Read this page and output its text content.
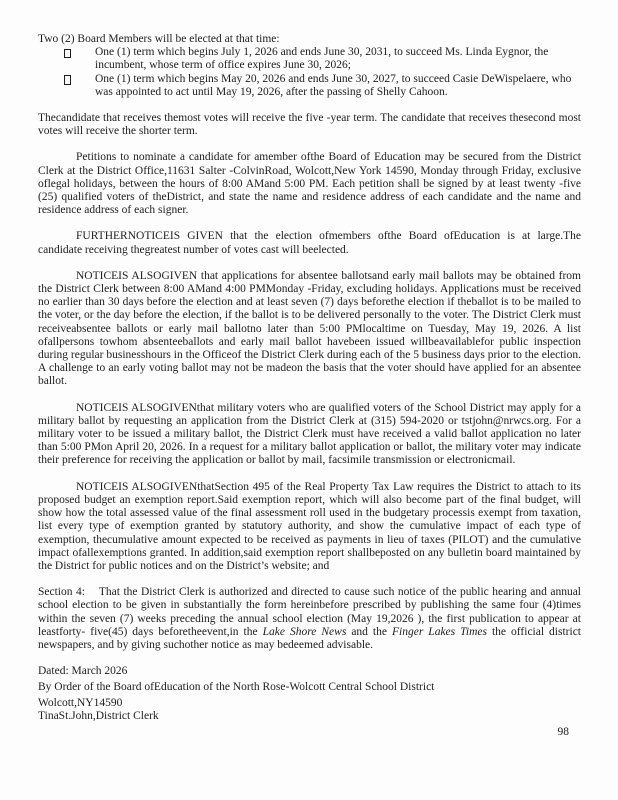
Two (2) Board Members will be elected at that time:

One (1) term which begins July 1, 2026 and ends June 30, 2031, to succeed Ms. Linda Eygnor, the incumbent, whose term of office expires June 30, 2026;
One (1) term which begins May 20, 2026 and ends June 30, 2027, to succeed Casie DeWispelaere, who was appointed to act until May 19, 2026, after the passing of Shelly Cahoon.

Thecandidate that receives themost votes will receive the five -year term. The candidate that receives thesecond most votes will receive the shorter term.

Petitions to nominate a candidate for amember ofthe Board of Education may be secured from the District Clerk at the District Office,11631 Salter -ColvinRoad, Wolcott,New York 14590, Monday through Friday, exclusive oflegal holidays, between the hours of 8:00 AMand 5:00 PM. Each petition shall be signed by at least twenty -five (25) qualified voters of theDistrict, and state the name and residence address of each candidate and the name and residence address of each signer.

FURTHERNOTICEIS GIVEN that the election ofmembers ofthe Board ofEducation is at large.The candidate receiving thegreatest number of votes cast will beelected.

NOTICEIS ALSOGIVEN that applications for absentee ballotsand early mail ballots may be obtained from the District Clerk between 8:00 AMand 4:00 PMMonday -Friday, excluding holidays. Applications must be received no earlier than 30 days before the election and at least seven (7) days beforethe election if theballot is to be mailed to the voter, or the day before the election, if the ballot is to be delivered personally to the voter. The District Clerk must receiveabsentee ballots or early mail ballotno later than 5:00 PMlocaltime on Tuesday, May 19, 2026. A list ofallpersons towhom absenteeballots and early mail ballot havebeen issued willbeavailablefor public inspection during regular businesshours in the Officeof the District Clerk during each of the 5 business days prior to the election. A challenge to an early voting ballot may not be madeon the basis that the voter should have applied for an absentee ballot.

NOTICEIS ALSOGIVENthat military voters who are qualified voters of the School District may apply for a military ballot by requesting an application from the District Clerk at (315) 594-2020 or tstjohn@nrwcs.org. For a military voter to be issued a military ballot, the District Clerk must have received a valid ballot application no later than 5:00 PMon April 20, 2026. In a request for a military ballot application or ballot, the military voter may indicate their preference for receiving the application or ballot by mail, facsimile transmission or electronicmail.

NOTICEIS ALSOGIVENthatSection 495 of the Real Property Tax Law requires the District to attach to its proposed budget an exemption report.Said exemption report, which will also become part of the final budget, will show how the total assessed value of the final assessment roll used in the budgetary processis exempt from taxation, list every type of exemption granted by statutory authority, and show the cumulative impact of each type of exemption, thecumulative amount expected to be received as payments in lieu of taxes (PILOT) and the cumulative impact ofallexemptions granted. In addition,said exemption report shallbeposted on any bulletin board maintained by the District for public notices and on the District’s website; and

Section 4:    That the District Clerk is authorized and directed to cause such notice of the public hearing and annual school election to be given in substantially the form hereinbefore prescribed by publishing the same four (4)times within the seven (7) weeks preceding the annual school election (May 19,2026 ), the first publication to appear at leastforty- five(45) days beforetheevent,in the Lake Shore News and the Finger Lakes Times the official district newspapers, and by giving suchother notice as may bedeemed advisable.

Dated: March 2026

By Order of the Board ofEducation of the North Rose-Wolcott Central School District

Wolcott,NY14590

TinaSt.John,District Clerk

98
